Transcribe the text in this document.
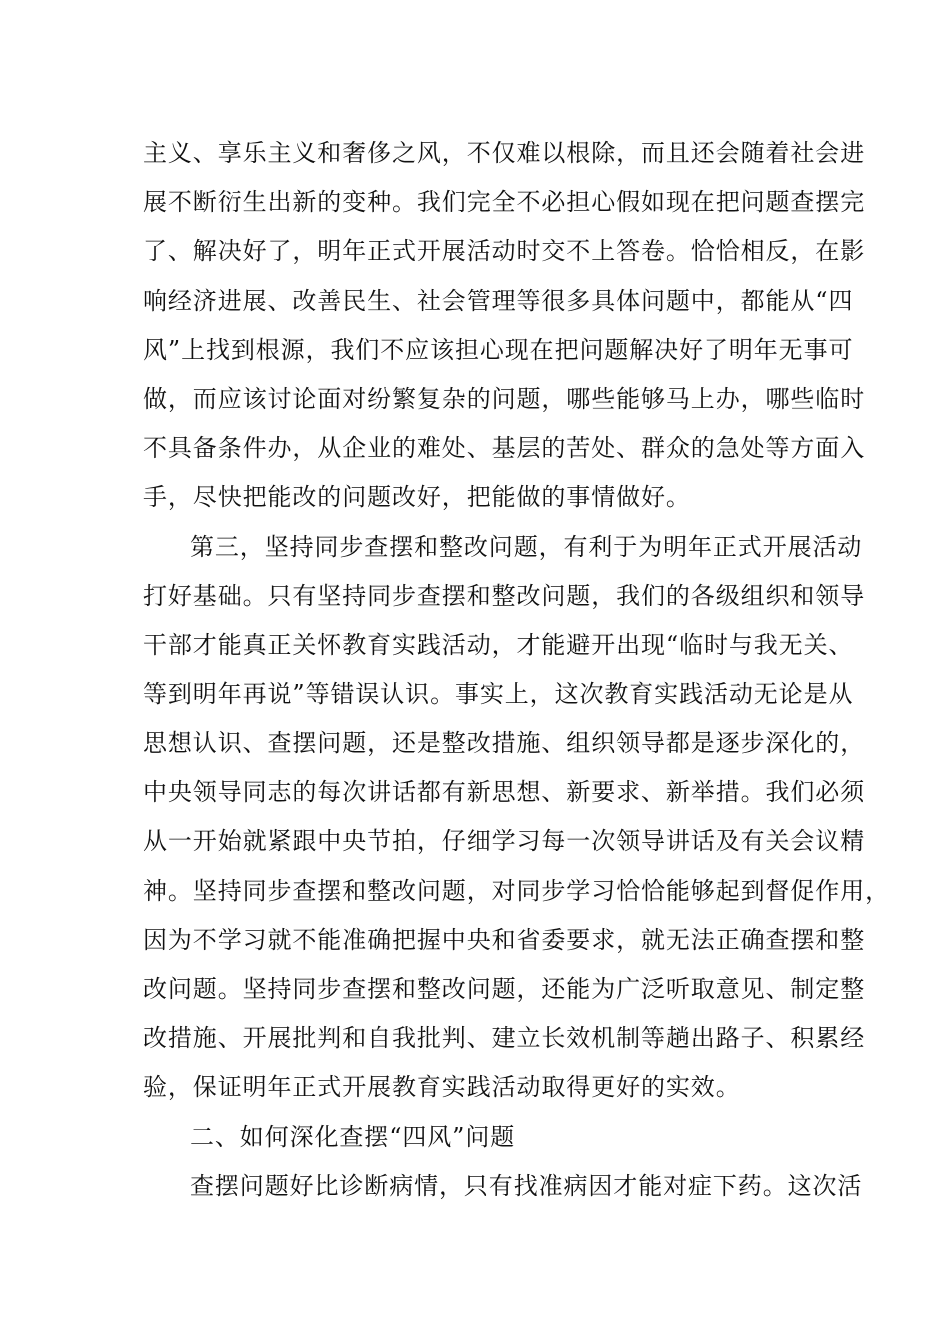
主义、享乐主义和奢侈之风，不仅难以根除，而且还会随着社会进
展不断衍生出新的变种。我们完全不必担心假如现在把问题查摆完
了、解决好了，明年正式开展活动时交不上答卷。恰恰相反，在影
响经济进展、改善民生、社会管理等很多具体问题中，都能从“四
风”上找到根源，我们不应该担心现在把问题解决好了明年无事可
做，而应该讨论面对纷繁复杂的问题，哪些能够马上办，哪些临时
不具备条件办，从企业的难处、基层的苦处、群众的急处等方面入
手，尽快把能改的问题改好，把能做的事情做好。
第三，坚持同步查摆和整改问题，有利于为明年正式开展活动
打好基础。只有坚持同步查摆和整改问题，我们的各级组织和领导
干部才能真正关怀教育实践活动，才能避开出现“临时与我无关、
等到明年再说”等错误认识。事实上，这次教育实践活动无论是从
思想认识、查摆问题，还是整改措施、组织领导都是逐步深化的，
中央领导同志的每次讲话都有新思想、新要求、新举措。我们必须
从一开始就紧跟中央节拍，仔细学习每一次领导讲话及有关会议精
神。坚持同步查摆和整改问题，对同步学习恰恰能够起到督促作用，
因为不学习就不能准确把握中央和省委要求，就无法正确查摆和整
改问题。坚持同步查摆和整改问题，还能为广泛听取意见、制定整
改措施、开展批判和自我批判、建立长效机制等趟出路子、积累经
验，保证明年正式开展教育实践活动取得更好的实效。
二、如何深化查摆“四风”问题
查摆问题好比诊断病情，只有找准病因才能对症下药。这次活
